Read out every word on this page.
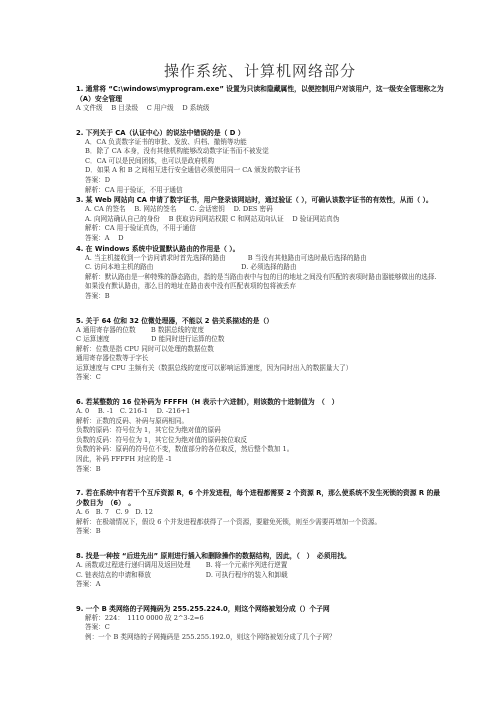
操作系统、计算机网络部分

1. 通常将 “C:\windows\myprogram.exe” 设置为只读和隐藏属性，以便控制用户对该用户，这一级安全管理称之为（A）安全管理

A 文件级　 B 目录级　 C 用户级　 D 系统级

2. 下列关于 CA（认证中心）的说法中错误的是（ D ）

A．CA 负责数字证书的审批、发放、归档、撤销等功能

B．除了 CA 本身，没有其他机构能够改动数字证书而不被发觉

C．CA 可以是民间团体，也可以是政府机构

D．如果 A 和 B 之间相互进行安全通信必须使用同一 CA 颁发的数字证书

答案：D

解析：CA 用于验证，不用于通信

3. 某 Web 网站向 CA 申请了数字证书，用户登录该网站时，通过验证（ ），可确认该数字证书的有效性，从而（ ）。

A. CA 的签名　 B. 网站的签名　　C. 会话密钥　 D. DES 密码

A. 向网站确认自己的身份　 B 获取访问网站权限 C 和网站双向认证　 D 验证网站真伪

解析：CA 用于验证真伪，不用于通信

答案：A　 D

4. 在 Windows 系统中设置默认路由的作用是（ ）。

A. 当主机接收到一个访问请求时首先选择的路由　　　 B 当没有其他路由可选时最后选择的路由

C. 访问本地主机的路由　　　　　　　　　　　　　 D. 必须选择的路由

解析：默认路由是一种特殊的静态路由，指的是当路由表中与包的目的地址之间没有匹配的表项时路由器能够做出的选择. 如果没有默认路由，那么目的地址在路由表中没有匹配表项的包将被丢弃

答案：B

5. 关于 64 位和 32 位微处理器，不能以 2 倍关系描述的是（）

A 通用寄存器的位数　　 B 数据总线的宽度

C 运算速度　　　　　　 D 能同时进行运算的位数

解析：位数是指 CPU 同时可以处理的数据位数

通用寄存器位数等于字长

运算速度与 CPU 主频有关（数据总线的宽度可以影响运算速度，因为同时出入的数据量大了）

答案：C

6. 若某整数的 16 位补码为 FFFFH（H 表示十六进制），则该数的十进制值为　（　）

A. 0　 B. -1　C. 216-1　 D. -216+1

解析：正数的反码、补码与原码相同。

负数的原码：符号位为 1，其它位为绝对值的原码

负数的反码：符号位为 1，其它位为绝对值的原码按位取反

负数的补码：原码的符号位不变，数值部分的各位取反，然后整个数加 1。

因此，补码 FFFFH 对应的是 -1

答案：B

7. 若在系统中有若干个互斥资源 R，6 个并发进程，每个进程都需要 2 个资源 R，那么使系统不发生死锁的资源 R 的最少数目为　（6）　。

A. 6　B. 7　C. 9　D. 12

解析：在极端情况下，假设 6 个并发进程都获得了一个资源，要避免死锁，则至少需要再增加一个资源。

答案：B

8. 找是一种按 “后进先出” 原则进行插入和删除操作的数据结构，因此，（　）　必须用找。

A. 函数或过程进行递归调用及返回处理　　 B. 将一个元素序列进行逆置

C. 链表结点的申请和释放　　　　　　　　 D. 可执行程序的装入和卸载

答案：A

9. 一个 B 类网络的子网掩码为 255.255.224.0，则这个网络被划分成（）个子网

解析：224：　1110 0000 故 2^3-2=6

答案：C

例：一个 B 类网络的子网掩码是 255.255.192.0，则这个网络被划分成了几个子网？
